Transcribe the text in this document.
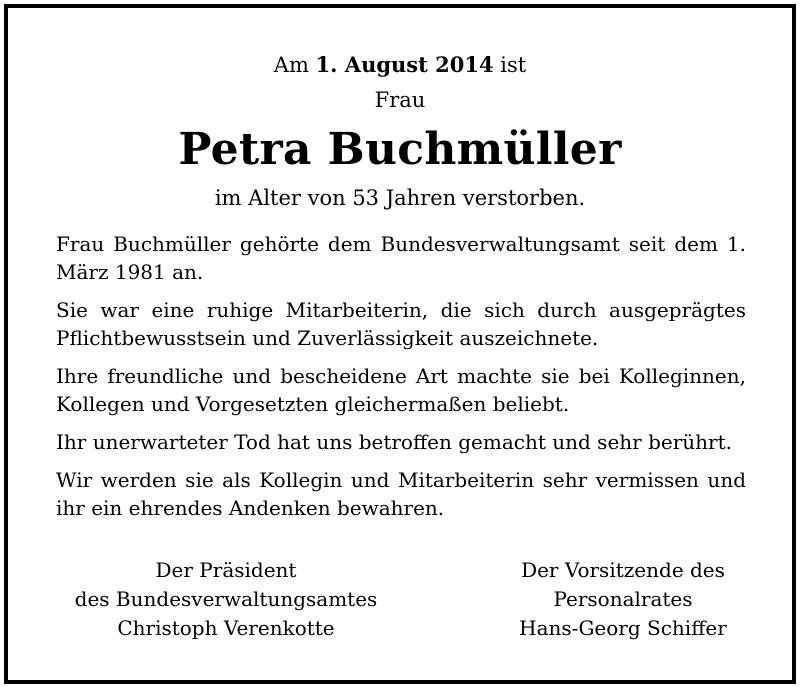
Am 1. August 2014 ist
Frau
Petra Buchmüller
im Alter von 53 Jahren verstorben.

Frau Buchmüller gehörte dem Bundesverwaltungsamt seit dem 1. März 1981 an.

Sie war eine ruhige Mitarbeiterin, die sich durch ausgeprägtes Pflichtbewusstsein und Zuverlässigkeit auszeichnete.

Ihre freundliche und bescheidene Art machte sie bei Kolleginnen, Kollegen und Vorgesetzten gleichermaßen beliebt.

Ihr unerwarteter Tod hat uns betroffen gemacht und sehr berührt.

Wir werden sie als Kollegin und Mitarbeiterin sehr vermissen und ihr ein ehrendes Andenken bewahren.

Der Präsident
des Bundesverwaltungsamtes
Christoph Verenkotte
Der Vorsitzende des
Personalrates
Hans-Georg Schiffer
